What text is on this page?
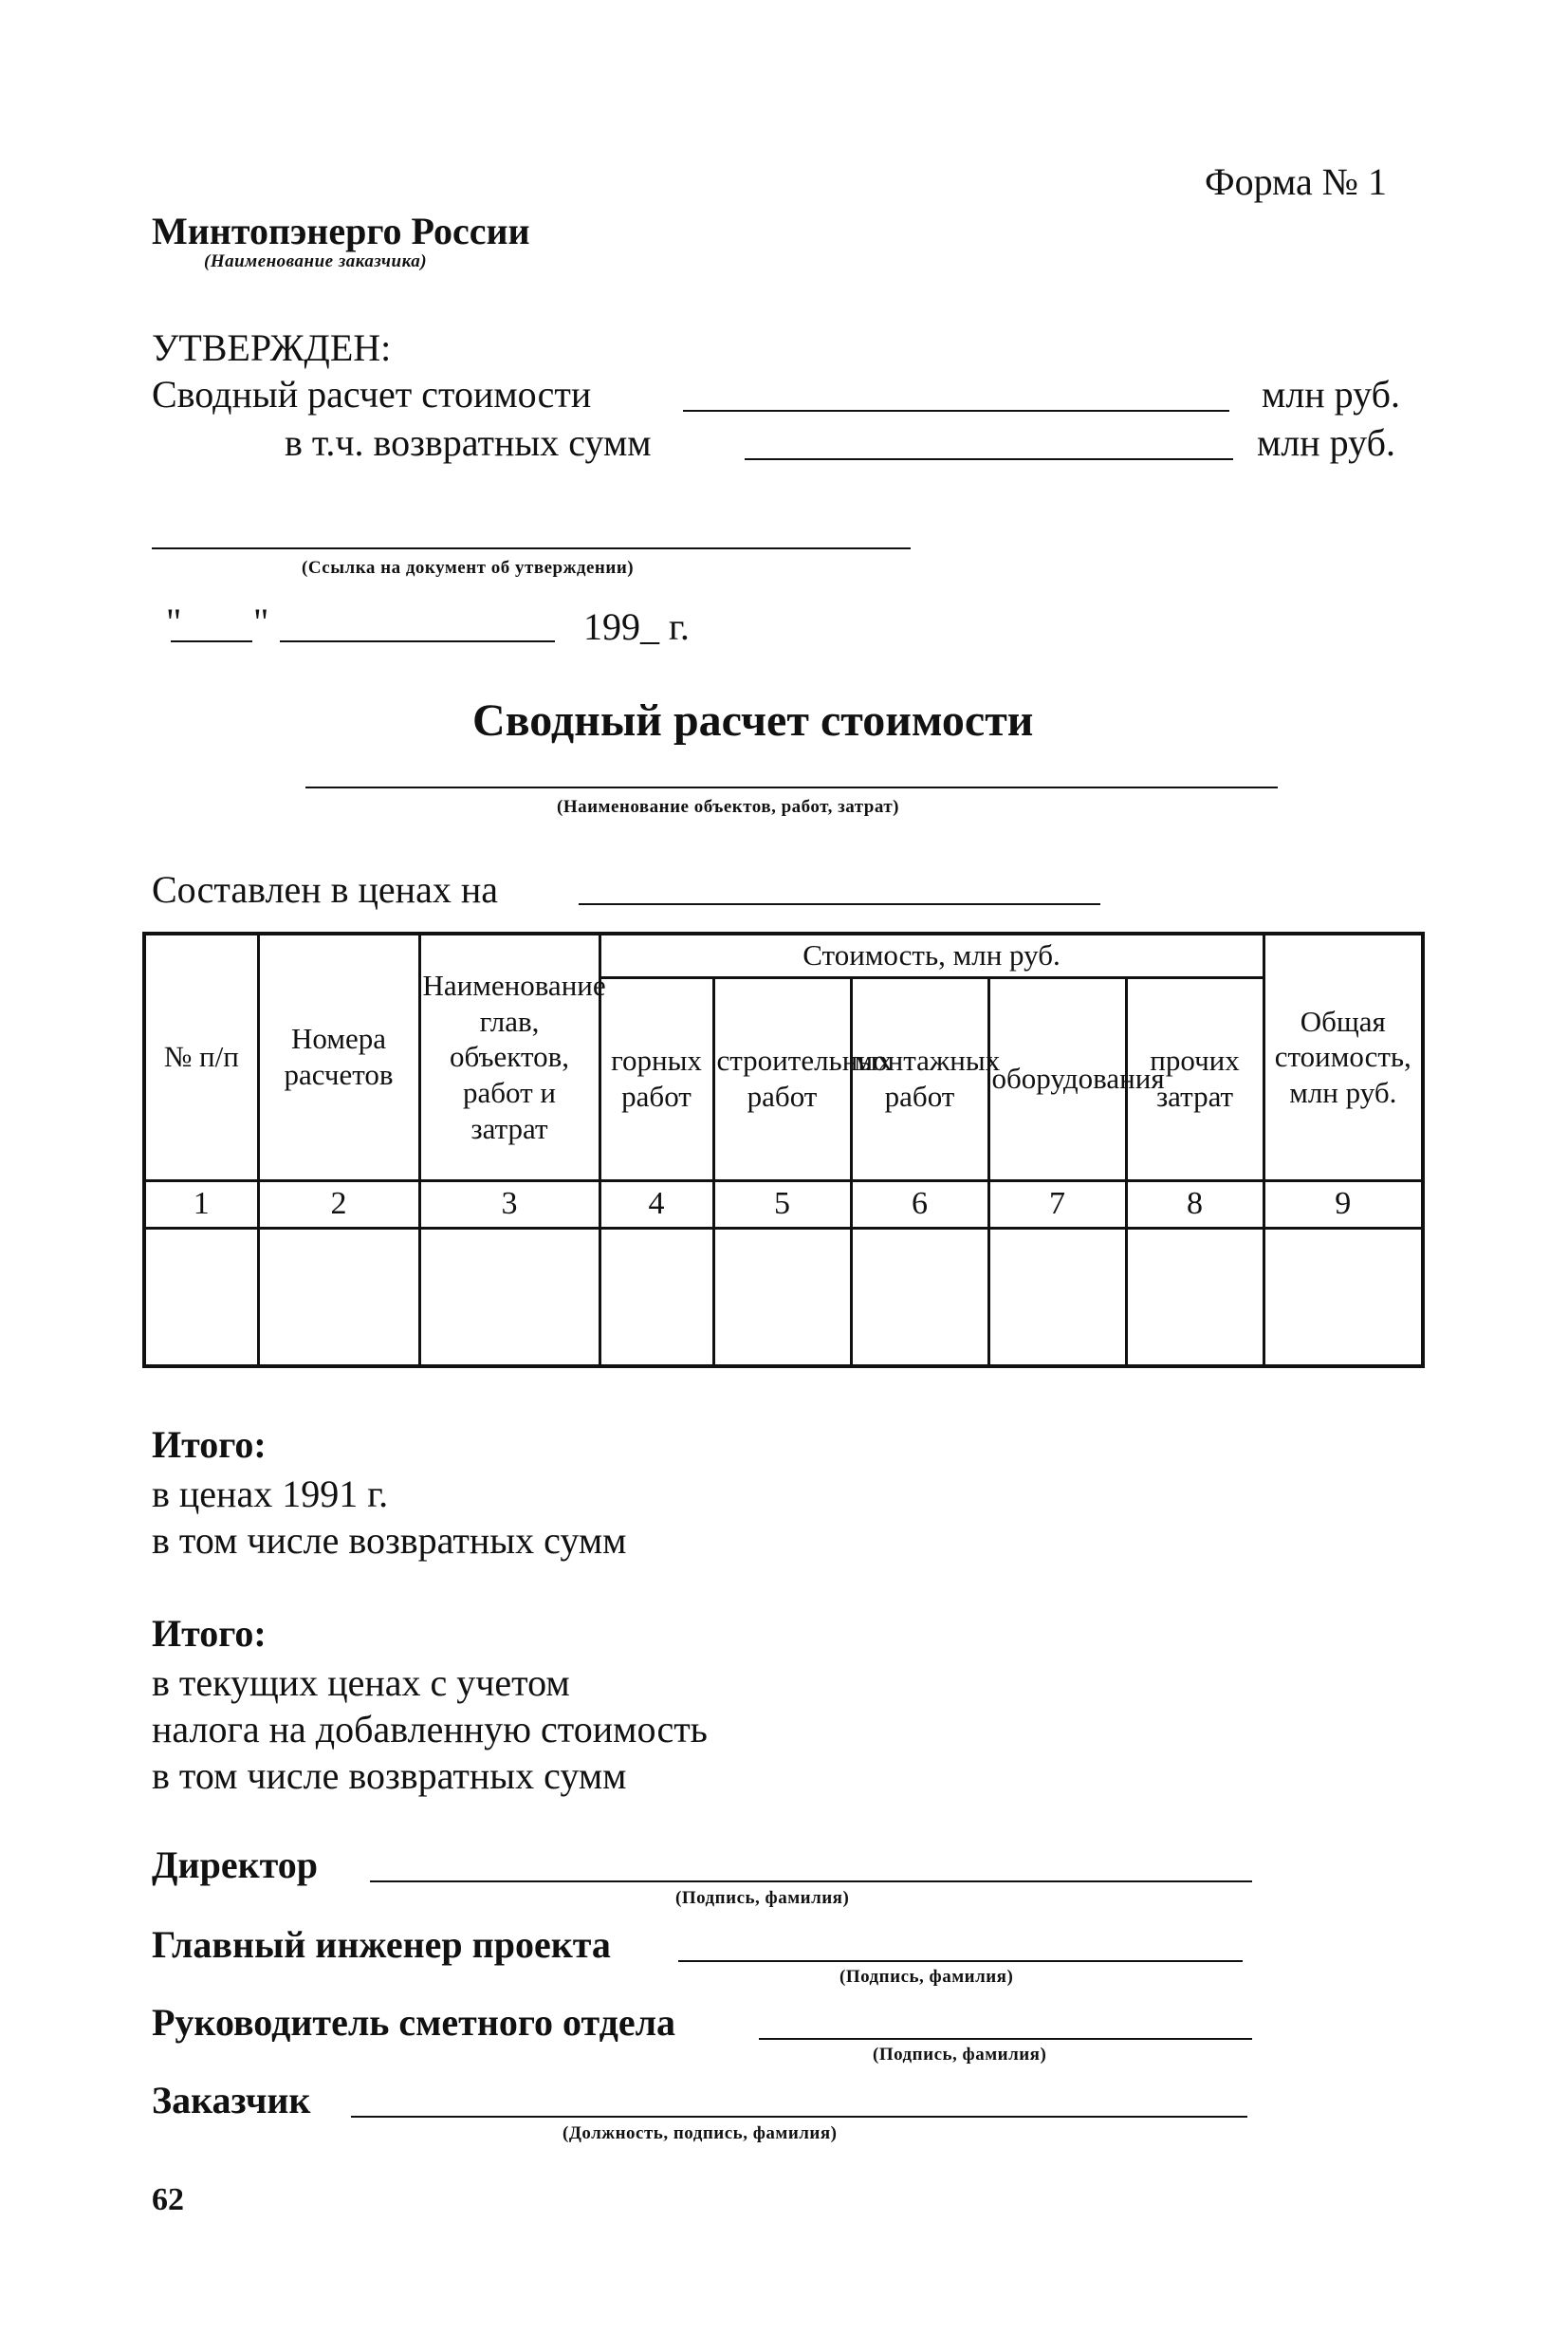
Форма № 1
Минтопэнерго России
(Наименование заказчика)
УТВЕРЖДЕН:
Сводный расчет стоимости	млн руб.
в т.ч. возвратных сумм	млн руб.
(Ссылка на документ об утверждении)
" "	199_ г.
Сводный расчет стоимости
(Наименование объектов, работ, затрат)
Составлен в ценах на
№ п/п	Номера расчетов	Наименование глав, объектов, работ и затрат	Стоимость, млн руб.					Общая стоимость, млн руб.
			горных работ	строительных работ	монтажных работ	оборудования	прочих затрат	
1	2	3	4	5	6	7	8	9

Итого:
в ценах 1991 г.
в том числе возвратных сумм
Итого:
в текущих ценах с учетом
налога на добавленную стоимость
в том числе возвратных сумм
Директор
(Подпись, фамилия)
Главный инженер проекта
(Подпись, фамилия)
Руководитель сметного отдела
(Подпись, фамилия)
Заказчик
(Должность, подпись, фамилия)
62
